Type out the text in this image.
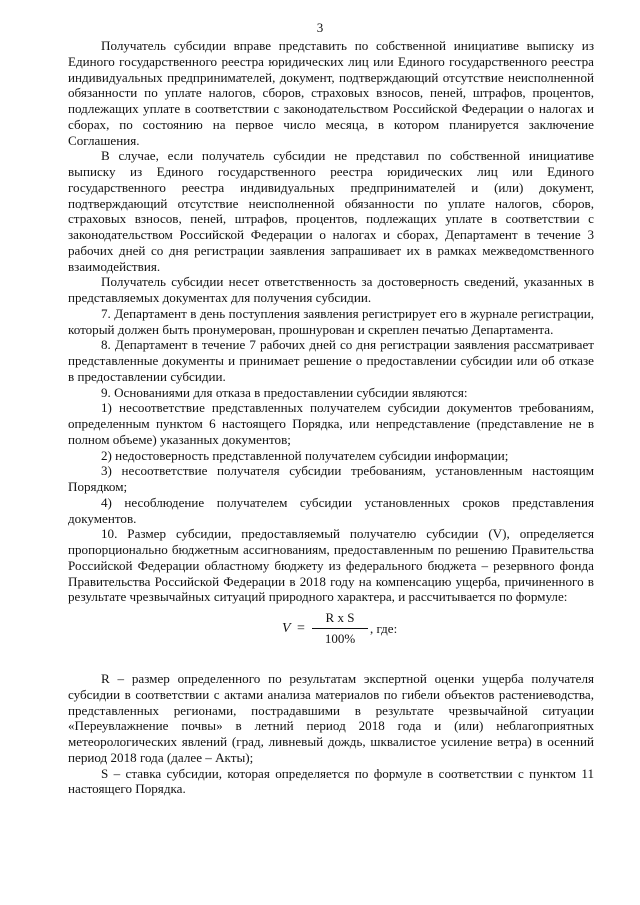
3

Получатель субсидии вправе представить по собственной инициативе выписку из Единого государственного реестра юридических лиц или Единого государственного реестра индивидуальных предпринимателей, документ, подтверждающий отсутствие неисполненной обязанности по уплате налогов, сборов, страховых взносов, пеней, штрафов, процентов, подлежащих уплате в соответствии с законодательством Российской Федерации о налогах и сборах, по состоянию на первое число месяца, в котором планируется заключение Соглашения.

В случае, если получатель субсидии не представил по собственной инициативе выписку из Единого государственного реестра юридических лиц или Единого государственного реестра индивидуальных предпринимателей и (или) документ, подтверждающий отсутствие неисполненной обязанности по уплате налогов, сборов, страховых взносов, пеней, штрафов, процентов, подлежащих уплате в соответствии с законодательством Российской Федерации о налогах и сборах, Департамент в течение 3 рабочих дней со дня регистрации заявления запрашивает их в рамках межведомственного взаимодействия.

Получатель субсидии несет ответственность за достоверность сведений, указанных в представляемых документах для получения субсидии.

7. Департамент в день поступления заявления регистрирует его в журнале регистрации, который должен быть пронумерован, прошнурован и скреплен печатью Департамента.

8. Департамент в течение 7 рабочих дней со дня регистрации заявления рассматривает представленные документы и принимает решение о предоставлении субсидии или об отказе в предоставлении субсидии.

9. Основаниями для отказа в предоставлении субсидии являются:

1) несоответствие представленных получателем субсидии документов требованиям, определенным пунктом 6 настоящего Порядка, или непредставление (представление не в полном объеме) указанных документов;

2) недостоверность представленной получателем субсидии информации;

3) несоответствие получателя субсидии требованиям, установленным настоящим Порядком;

4) несоблюдение получателем субсидии установленных сроков представления документов.

10. Размер субсидии, предоставляемый получателю субсидии (V), определяется пропорционально бюджетным ассигнованиям, предоставленным по решению Правительства Российской Федерации областному бюджету из федерального бюджета – резервного фонда Правительства Российской Федерации в 2018 году на компенсацию ущерба, причиненного в результате чрезвычайных ситуаций природного характера, и рассчитывается по формуле:

V =
R x S
100%
, где:

R – размер определенного по результатам экспертной оценки ущерба получателя субсидии в соответствии с актами анализа материалов по гибели объектов растениеводства, представленных регионами, пострадавшими в результате чрезвычайной ситуации «Переувлажнение почвы» в летний период 2018 года и (или) неблагоприятных метеорологических явлений (град, ливневый дождь, шквалистое усиление ветра) в осенний период 2018 года (далее – Акты);

S – ставка субсидии, которая определяется по формуле в соответствии с пунктом 11 настоящего Порядка.
